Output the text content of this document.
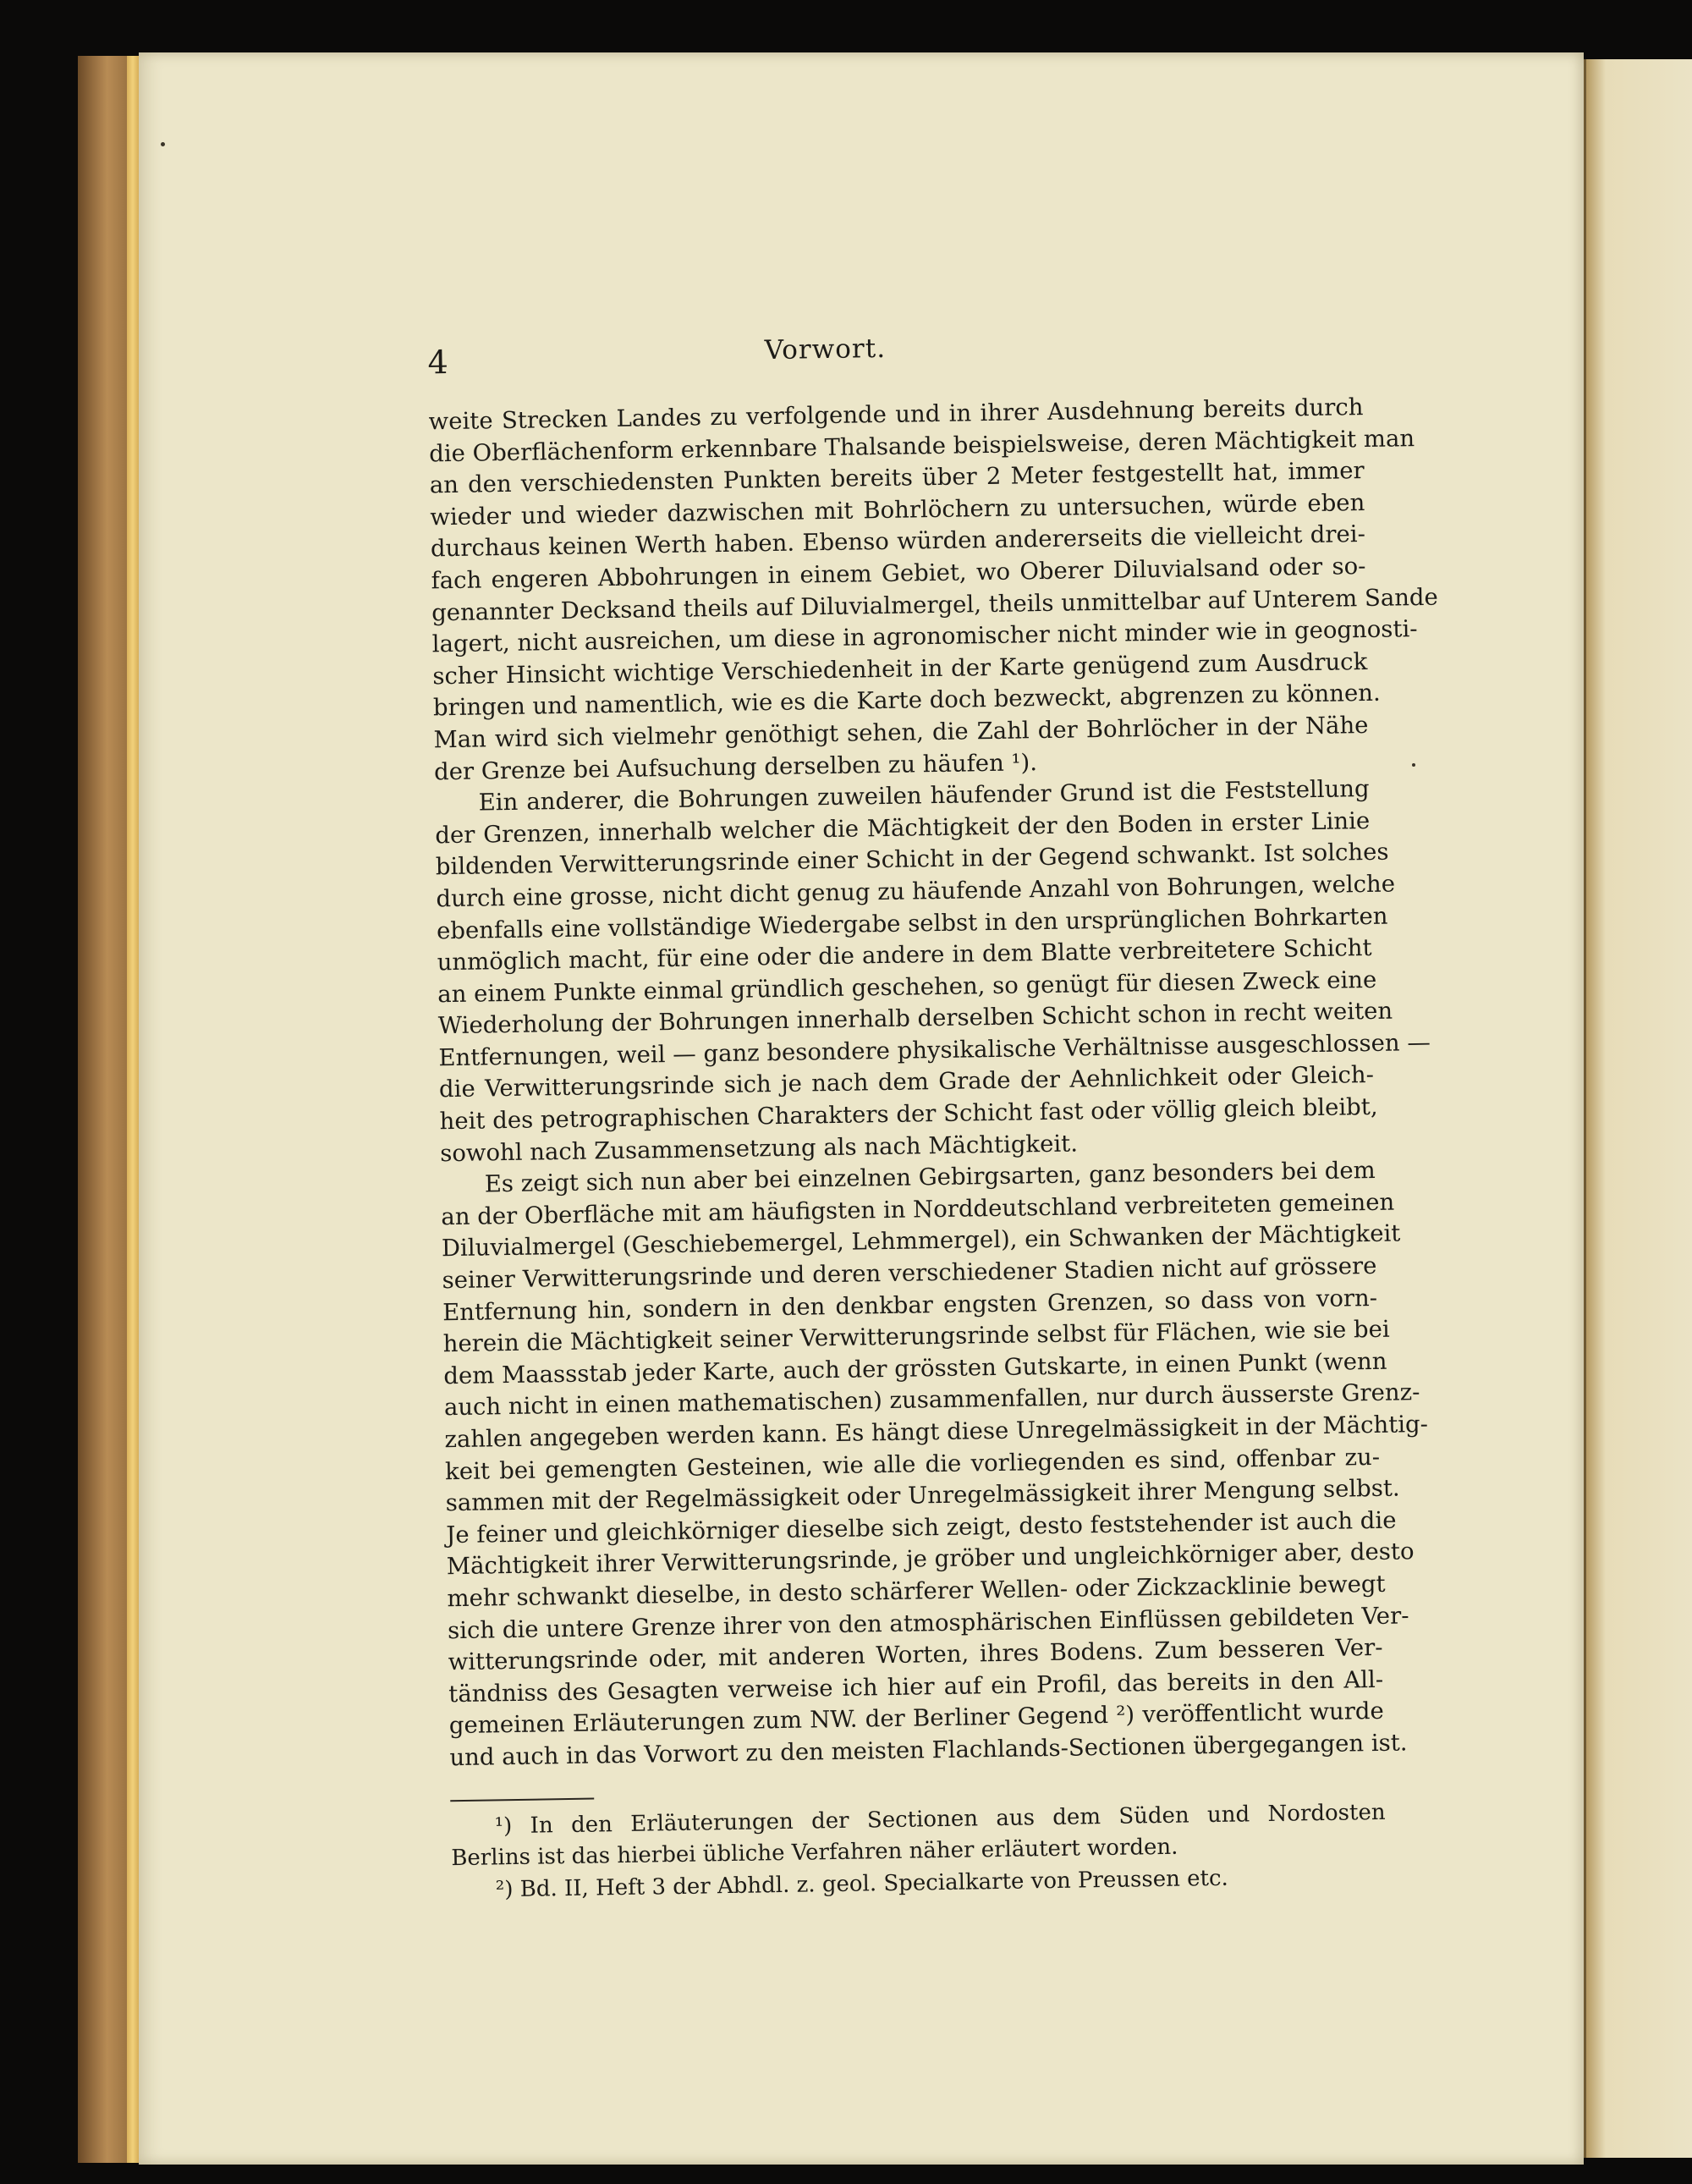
4	Vorwort.
weite Strecken Landes zu verfolgende und in ihrer Ausdehnung bereits durch
die Oberflächenform erkennbare Thalsande beispielsweise, deren Mächtigkeit man
an den verschiedensten Punkten bereits über 2 Meter festgestellt hat, immer
wieder und wieder dazwischen mit Bohrlöchern zu untersuchen, würde eben
durchaus keinen Werth haben. Ebenso würden andererseits die vielleicht drei-
fach engeren Abbohrungen in einem Gebiet, wo Oberer Diluvialsand oder so-
genannter Decksand theils auf Diluvialmergel, theils unmittelbar auf Unterem Sande
lagert, nicht ausreichen, um diese in agronomischer nicht minder wie in geognosti-
scher Hinsicht wichtige Verschiedenheit in der Karte genügend zum Ausdruck
bringen und namentlich, wie es die Karte doch bezweckt, abgrenzen zu können.
Man wird sich vielmehr genöthigt sehen, die Zahl der Bohrlöcher in der Nähe
der Grenze bei Aufsuchung derselben zu häufen ¹).
Ein anderer, die Bohrungen zuweilen häufender Grund ist die Feststellung
der Grenzen, innerhalb welcher die Mächtigkeit der den Boden in erster Linie
bildenden Verwitterungsrinde einer Schicht in der Gegend schwankt. Ist solches
durch eine grosse, nicht dicht genug zu häufende Anzahl von Bohrungen, welche
ebenfalls eine vollständige Wiedergabe selbst in den ursprünglichen Bohrkarten
unmöglich macht, für eine oder die andere in dem Blatte verbreitetere Schicht
an einem Punkte einmal gründlich geschehen, so genügt für diesen Zweck eine
Wiederholung der Bohrungen innerhalb derselben Schicht schon in recht weiten
Entfernungen, weil — ganz besondere physikalische Verhältnisse ausgeschlossen —
die Verwitterungsrinde sich je nach dem Grade der Aehnlichkeit oder Gleich-
heit des petrographischen Charakters der Schicht fast oder völlig gleich bleibt,
sowohl nach Zusammensetzung als nach Mächtigkeit.
Es zeigt sich nun aber bei einzelnen Gebirgsarten, ganz besonders bei dem
an der Oberfläche mit am häufigsten in Norddeutschland verbreiteten gemeinen
Diluvialmergel (Geschiebemergel, Lehmmergel), ein Schwanken der Mächtigkeit
seiner Verwitterungsrinde und deren verschiedener Stadien nicht auf grössere
Entfernung hin, sondern in den denkbar engsten Grenzen, so dass von vorn-
herein die Mächtigkeit seiner Verwitterungsrinde selbst für Flächen, wie sie bei
dem Maassstab jeder Karte, auch der grössten Gutskarte, in einen Punkt (wenn
auch nicht in einen mathematischen) zusammenfallen, nur durch äusserste Grenz-
zahlen angegeben werden kann. Es hängt diese Unregelmässigkeit in der Mächtig-
keit bei gemengten Gesteinen, wie alle die vorliegenden es sind, offenbar zu-
sammen mit der Regelmässigkeit oder Unregelmässigkeit ihrer Mengung selbst.
Je feiner und gleichkörniger dieselbe sich zeigt, desto feststehender ist auch die
Mächtigkeit ihrer Verwitterungsrinde, je gröber und ungleichkörniger aber, desto
mehr schwankt dieselbe, in desto schärferer Wellen- oder Zickzacklinie bewegt
sich die untere Grenze ihrer von den atmosphärischen Einflüssen gebildeten Ver-
witterungsrinde oder, mit anderen Worten, ihres Bodens. Zum besseren Ver-
tändniss des Gesagten verweise ich hier auf ein Profil, das bereits in den All-
gemeinen Erläuterungen zum NW. der Berliner Gegend ²) veröffentlicht wurde
und auch in das Vorwort zu den meisten Flachlands-Sectionen übergegangen ist.
¹) In den Erläuterungen der Sectionen aus dem Süden und Nordosten
Berlins ist das hierbei übliche Verfahren näher erläutert worden.
²) Bd. II, Heft 3 der Abhdl. z. geol. Specialkarte von Preussen etc.
